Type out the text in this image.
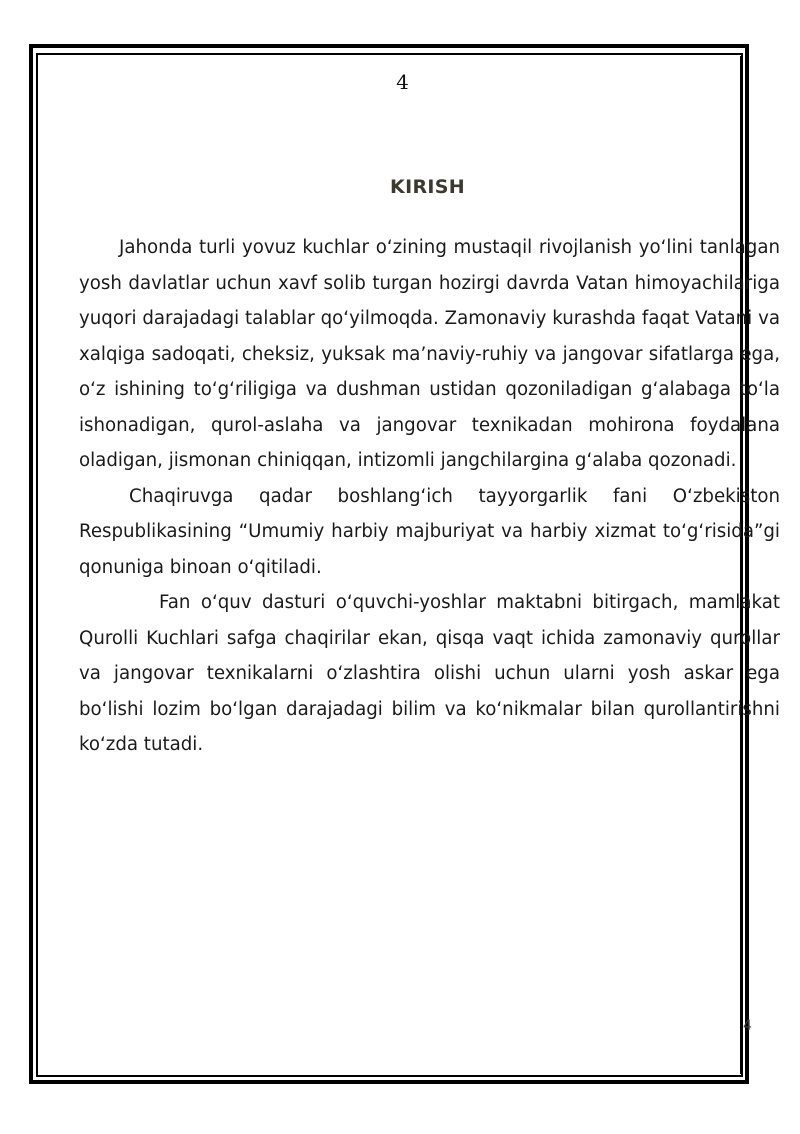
4
KIRISH

Jahonda turli yovuz kuchlar o‘zining mustaqil rivojlanish yo‘lini tanlagan yosh davlatlar uchun xavf solib turgan hozirgi davrda Vatan himoyachilariga yuqori darajadagi talablar qo‘yilmoqda. Zamonaviy kurashda faqat Vatani va xalqiga sadoqati, cheksiz, yuksak ma’naviy-ruhiy va jangovar sifatlarga ega, o‘z ishining to‘g‘riligiga va dushman ustidan qozoniladigan g‘alabaga to‘la ishonadigan, qurol-aslaha va jangovar texnikadan mohirona foydalana oladigan, jismonan chiniqqan, intizomli jangchilargina g‘alaba qozonadi.

Chaqiruvga qadar boshlang‘ich tayyorgarlik fani O‘zbekiston Respublikasining “Umumiy harbiy majburiyat va harbiy xizmat to‘g‘risida”gi qonuniga binoan o‘qitiladi.

Fan o‘quv dasturi o‘quvchi-yoshlar maktabni bitirgach, mamlakat Qurolli Kuchlari safga chaqirilar ekan, qisqa vaqt ichida zamonaviy qurollar va jangovar texnikalarni o‘zlashtira olishi uchun ularni yosh askar ega bo‘lishi lozim bo‘lgan darajadagi bilim va ko‘nikmalar bilan qurollantirishni ko‘zda tutadi.

4
